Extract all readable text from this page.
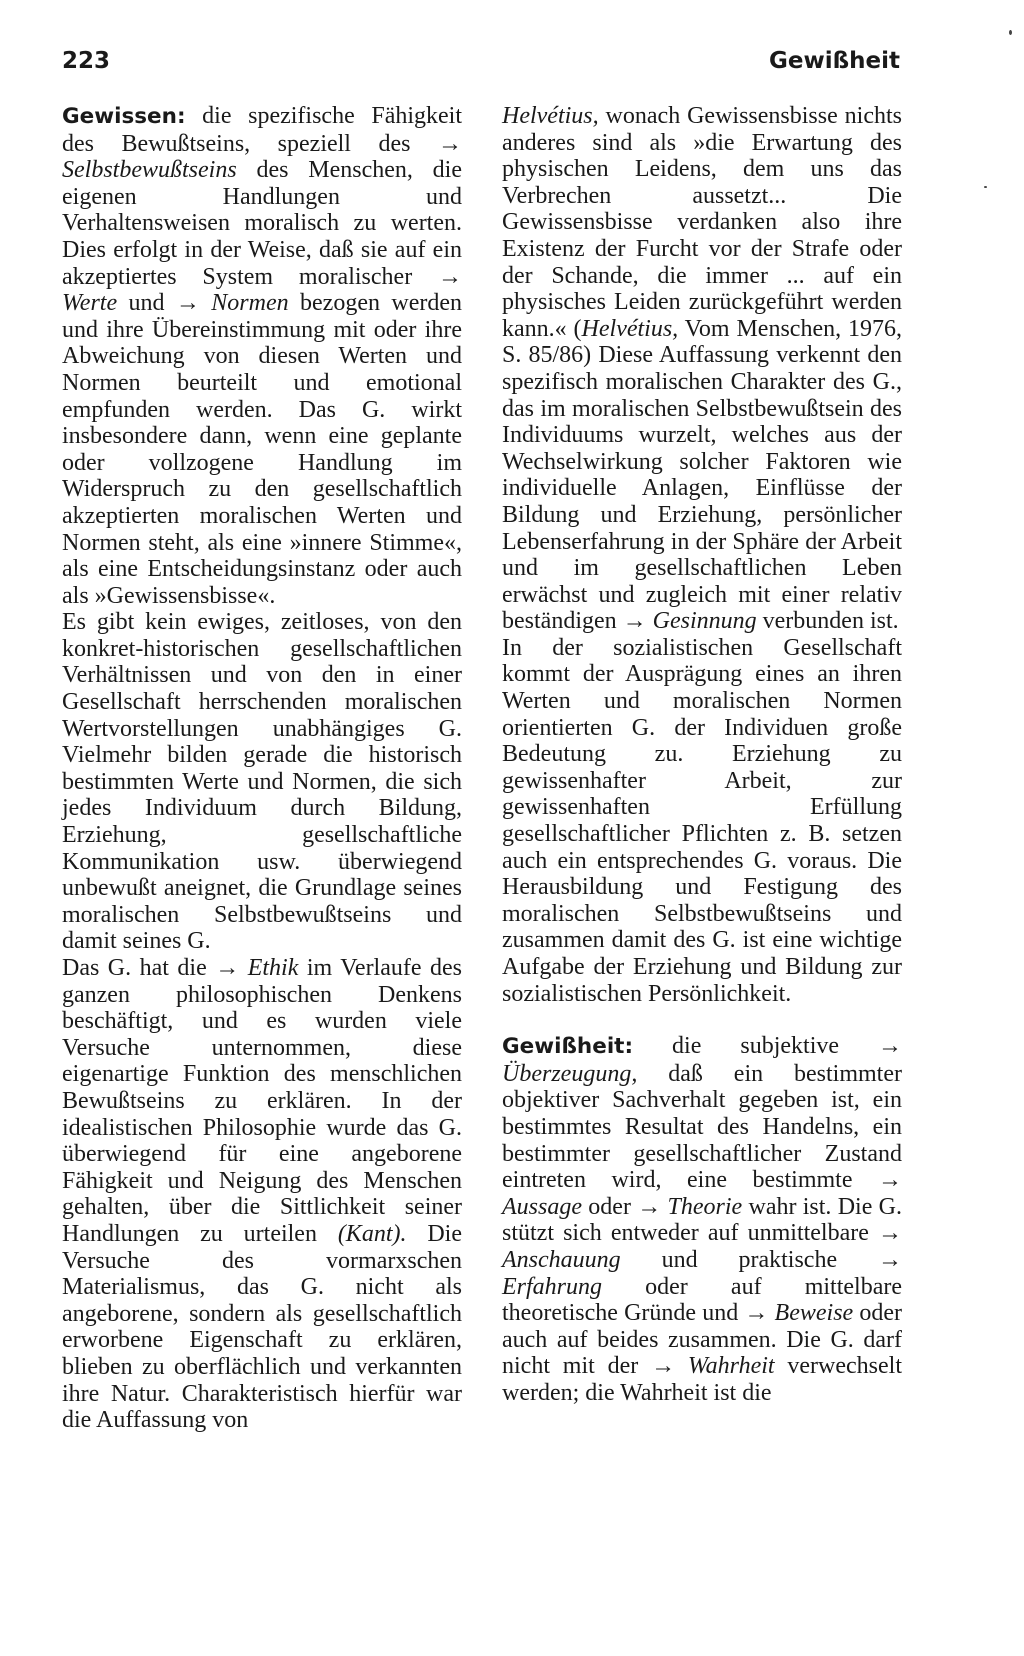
223	Gewißheit

Gewissen: die spezifische Fähigkeit des Bewußtseins, speziell des → Selbstbewußtseins des Menschen, die eigenen Handlungen und Verhaltensweisen moralisch zu werten. Dies erfolgt in der Weise, daß sie auf ein akzeptiertes System moralischer → Werte und → Normen bezogen werden und ihre Übereinstimmung mit oder ihre Abweichung von diesen Werten und Normen beurteilt und emotional empfunden werden. Das G. wirkt insbesondere dann, wenn eine geplante oder vollzogene Handlung im Widerspruch zu den gesellschaftlich akzeptierten moralischen Werten und Normen steht, als eine »innere Stimme«, als eine Entscheidungsinstanz oder auch als »Gewissensbisse«.

Es gibt kein ewiges, zeitloses, von den konkret-historischen gesellschaftlichen Verhältnissen und von den in einer Gesellschaft herrschenden moralischen Wertvorstellungen unabhängiges G. Vielmehr bilden gerade die historisch bestimmten Werte und Normen, die sich jedes Individuum durch Bildung, Erziehung, gesellschaftliche Kommunikation usw. überwiegend unbewußt aneignet, die Grundlage seines moralischen Selbstbewußtseins und damit seines G.

Das G. hat die → Ethik im Verlaufe des ganzen philosophischen Denkens beschäftigt, und es wurden viele Versuche unternommen, diese eigenartige Funktion des menschlichen Bewußtseins zu erklären. In der idealistischen Philosophie wurde das G. überwiegend für eine angeborene Fähigkeit und Neigung des Menschen gehalten, über die Sittlichkeit seiner Handlungen zu urteilen (Kant). Die Versuche des vormarxschen Materialismus, das G. nicht als angeborene, sondern als gesellschaftlich erworbene Eigenschaft zu erklären, blieben zu oberflächlich und verkannten ihre Natur. Charakteristisch hierfür war die Auffassung von

Helvétius, wonach Gewissensbisse nichts anderes sind als »die Erwartung des physischen Leidens, dem uns das Verbrechen aussetzt... Die Gewissensbisse verdanken also ihre Existenz der Furcht vor der Strafe oder der Schande, die immer ... auf ein physisches Leiden zurückgeführt werden kann.« (Helvétius, Vom Menschen, 1976, S. 85/86) Diese Auffassung verkennt den spezifisch moralischen Charakter des G., das im moralischen Selbstbewußtsein des Individuums wurzelt, welches aus der Wechselwirkung solcher Faktoren wie individuelle Anlagen, Einflüsse der Bildung und Erziehung, persönlicher Lebenserfahrung in der Sphäre der Arbeit und im gesellschaftlichen Leben erwächst und zugleich mit einer relativ beständigen → Gesinnung verbunden ist.

In der sozialistischen Gesellschaft kommt der Ausprägung eines an ihren Werten und moralischen Normen orientierten G. der Individuen große Bedeutung zu. Erziehung zu gewissenhafter Arbeit, zur gewissenhaften Erfüllung gesellschaftlicher Pflichten z. B. setzen auch ein entsprechendes G. voraus. Die Herausbildung und Festigung des moralischen Selbstbewußtseins und zusammen damit des G. ist eine wichtige Aufgabe der Erziehung und Bildung zur sozialistischen Persönlichkeit.

Gewißheit: die subjektive → Überzeugung, daß ein bestimmter objektiver Sachverhalt gegeben ist, ein bestimmtes Resultat des Handelns, ein bestimmter gesellschaftlicher Zustand eintreten wird, eine bestimmte → Aussage oder → Theorie wahr ist. Die G. stützt sich entweder auf unmittelbare → Anschauung und praktische → Erfahrung oder auf mittelbare theoretische Gründe und → Beweise oder auch auf beides zusammen. Die G. darf nicht mit der → Wahrheit verwechselt werden; die Wahrheit ist die
